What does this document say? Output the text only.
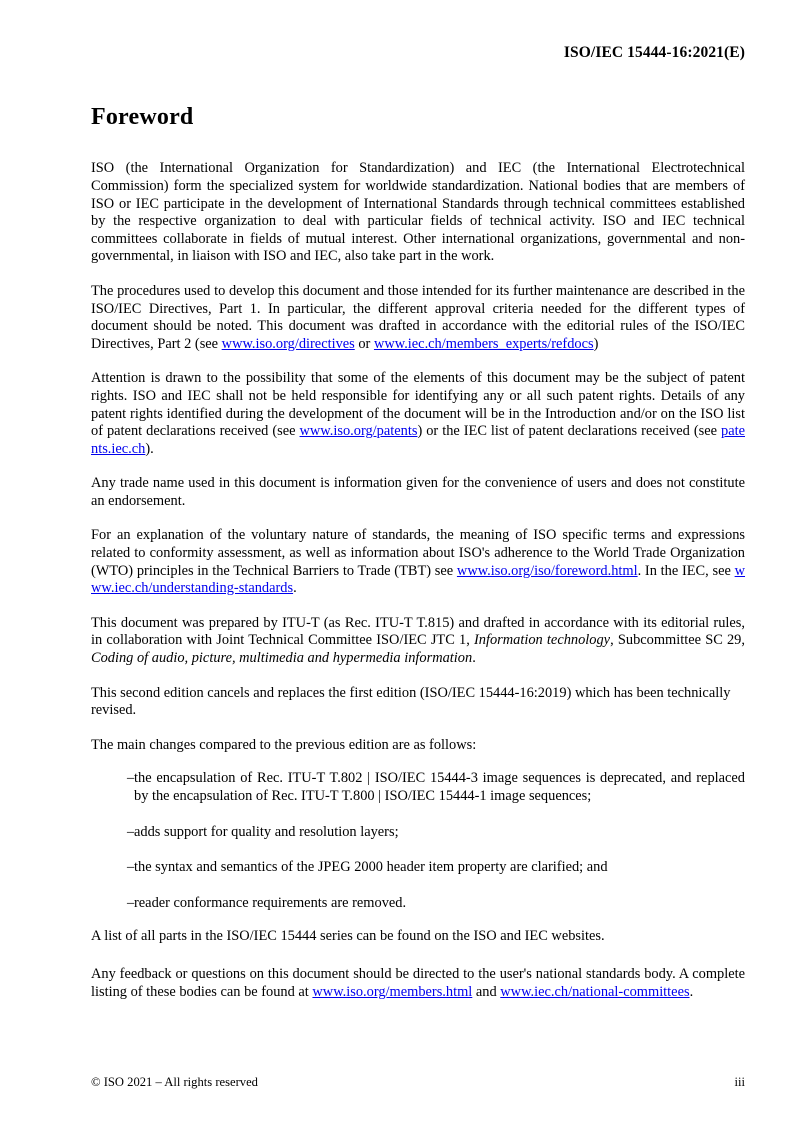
ISO/IEC 15444-16:2021(E)
Foreword

ISO (the International Organization for Standardization) and IEC (the International Electrotechnical Commission) form the specialized system for worldwide standardization. National bodies that are members of ISO or IEC participate in the development of International Standards through technical committees established by the respective organization to deal with particular fields of technical activity. ISO and IEC technical committees collaborate in fields of mutual interest. Other international organizations, governmental and non-governmental, in liaison with ISO and IEC, also take part in the work.

The procedures used to develop this document and those intended for its further maintenance are described in the ISO/IEC Directives, Part 1. In particular, the different approval criteria needed for the different types of document should be noted. This document was drafted in accordance with the editorial rules of the ISO/IEC Directives, Part 2 (see www.iso.org/directives or www.iec.ch/members_experts/refdocs)

Attention is drawn to the possibility that some of the elements of this document may be the subject of patent rights. ISO and IEC shall not be held responsible for identifying any or all such patent rights. Details of any patent rights identified during the development of the document will be in the Introduction and/or on the ISO list of patent declarations received (see www.iso.org/patents) or the IEC list of patent declarations received (see patents.iec.ch).

Any trade name used in this document is information given for the convenience of users and does not constitute an endorsement.

For an explanation of the voluntary nature of standards, the meaning of ISO specific terms and expressions related to conformity assessment, as well as information about ISO's adherence to the World Trade Organization (WTO) principles in the Technical Barriers to Trade (TBT) see www.iso.org/iso/foreword.html. In the IEC, see www.iec.ch/understanding-standards.

This document was prepared by ITU-T (as Rec. ITU-T T.815) and drafted in accordance with its editorial rules, in collaboration with Joint Technical Committee ISO/IEC JTC 1, Information technology, Subcommittee SC 29, Coding of audio, picture, multimedia and hypermedia information.

This second edition cancels and replaces the first edition (ISO/IEC 15444-16:2019) which has been technically revised.

The main changes compared to the previous edition are as follows:

– the encapsulation of Rec. ITU-T T.802 | ISO/IEC 15444-3 image sequences is deprecated, and replaced by the encapsulation of Rec. ITU-T T.800 | ISO/IEC 15444-1 image sequences;
– adds support for quality and resolution layers;
– the syntax and semantics of the JPEG 2000 header item property are clarified; and
– reader conformance requirements are removed.

A list of all parts in the ISO/IEC 15444 series can be found on the ISO and IEC websites.

Any feedback or questions on this document should be directed to the user's national standards body. A complete listing of these bodies can be found at www.iso.org/members.html and www.iec.ch/national-committees.

© ISO 2021 – All rights reserved	iii
